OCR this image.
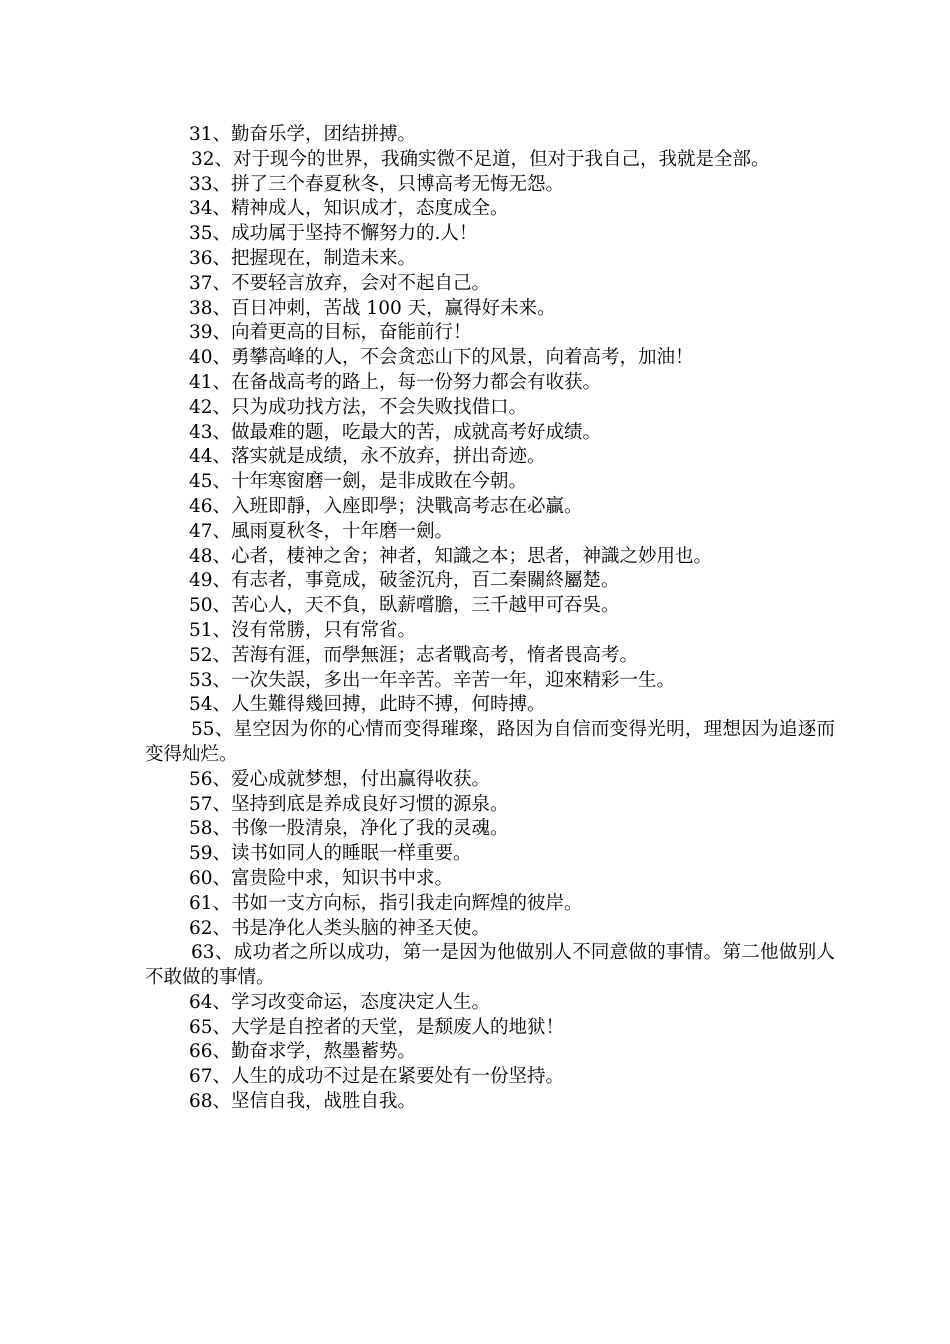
31、勤奋乐学，团结拼搏。

32、对于现今的世界，我确实微不足道，但对于我自己，我就是全部。

33、拼了三个春夏秋冬，只博高考无悔无怨。

34、精神成人，知识成才，态度成全。

35、成功属于坚持不懈努力的.人！

36、把握现在，制造未来。

37、不要轻言放弃，会对不起自己。

38、百日冲刺，苦战 100 天，赢得好未来。

39、向着更高的目标，奋能前行！

40、勇攀高峰的人，不会贪恋山下的风景，向着高考，加油！

41、在备战高考的路上，每一份努力都会有收获。

42、只为成功找方法，不会失败找借口。

43、做最难的题，吃最大的苦，成就高考好成绩。

44、落实就是成绩，永不放弃，拼出奇迹。

45、十年寒窗磨一劍，是非成敗在今朝。

46、入班即靜，入座即學；決戰高考志在必贏。

47、風雨夏秋冬，十年磨一劍。

48、心者，棲神之舍；神者，知識之本；思者，神識之妙用也。

49、有志者，事竟成，破釜沉舟，百二秦關終屬楚。

50、苦心人，天不負，臥薪嚐膽，三千越甲可吞吳。

51、沒有常勝，只有常省。

52、苦海有涯，而學無涯；志者戰高考，惰者畏高考。

53、一次失誤，多出一年辛苦。辛苦一年，迎來精彩一生。

54、人生難得幾回搏，此時不搏，何時搏。

55、星空因为你的心情而变得璀璨，路因为自信而变得光明，理想因为追逐而变得灿烂。

56、爱心成就梦想，付出赢得收获。

57、坚持到底是养成良好习惯的源泉。

58、书像一股清泉，净化了我的灵魂。

59、读书如同人的睡眠一样重要。

60、富贵险中求，知识书中求。

61、书如一支方向标，指引我走向辉煌的彼岸。

62、书是净化人类头脑的神圣天使。

63、成功者之所以成功，第一是因为他做别人不同意做的事情。第二他做别人不敢做的事情。

64、学习改变命运，态度决定人生。

65、大学是自控者的天堂，是颓废人的地狱！

66、勤奋求学，熬墨蓄势。

67、人生的成功不过是在紧要处有一份坚持。

68、坚信自我，战胜自我。
